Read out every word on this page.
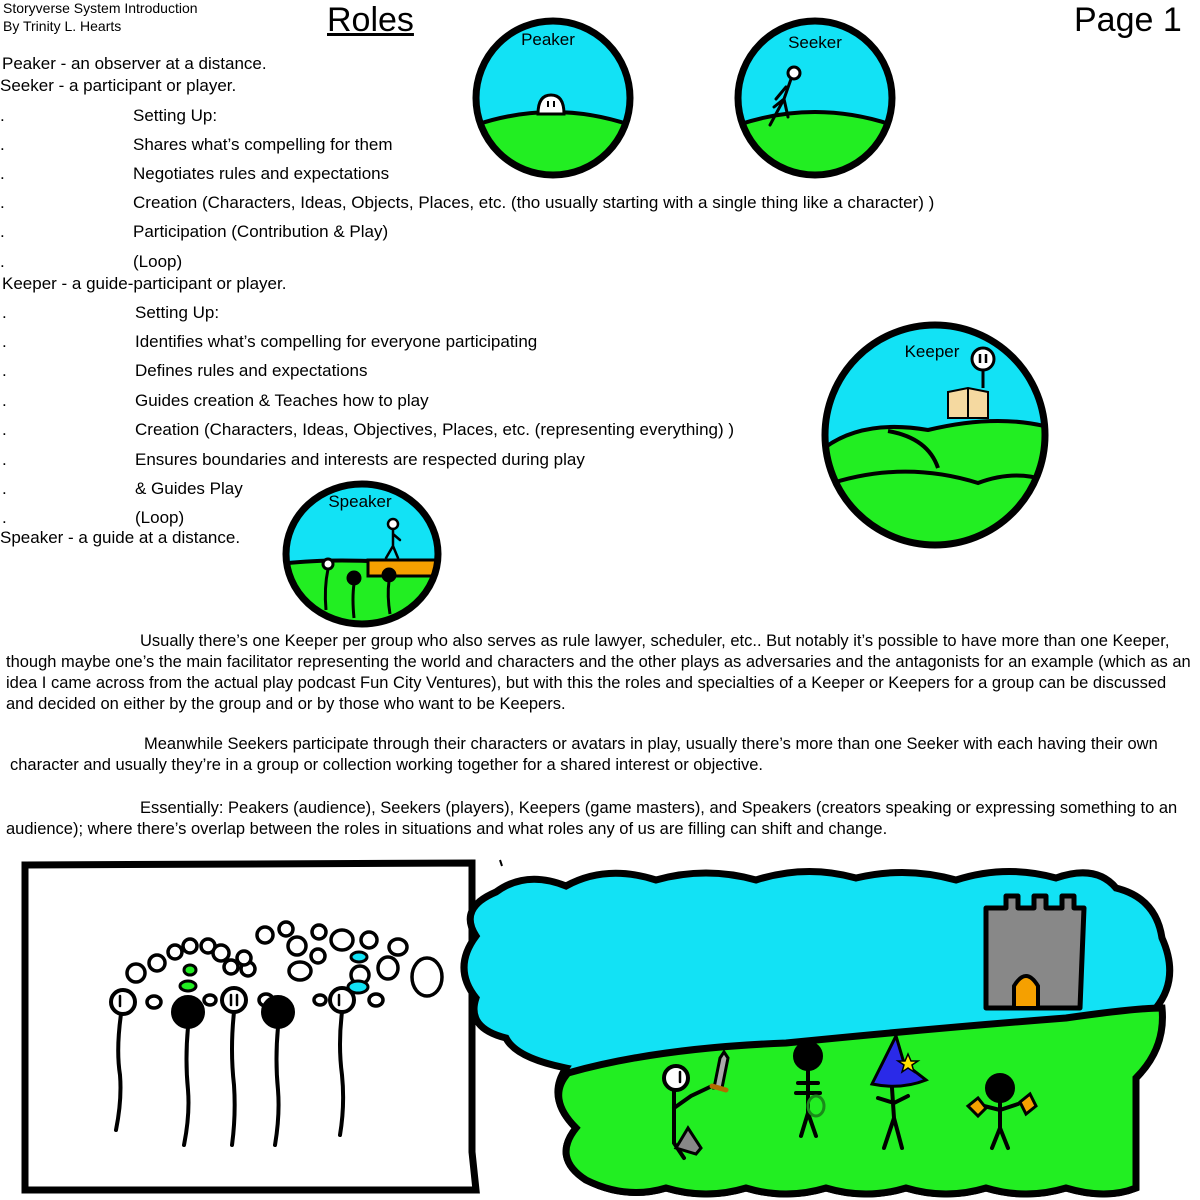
Storyverse System Introduction
By Trinity L. Hearts	Roles	Page 1
Peaker - an observer at a distance.
Seeker - a participant or player.
.	Setting Up:
.	Shares what’s compelling for them
.	Negotiates rules and expectations
.	Creation (Characters, Ideas, Objects, Places, etc. (tho usually starting with a single thing like a character) )
.	Participation (Contribution & Play)
.	(Loop)
Keeper - a guide-participant or player.
.	Setting Up:
.	Identifies what’s compelling for everyone participating
.	Defines rules and expectations
.	Guides creation & Teaches how to play
.	Creation (Characters, Ideas, Objectives, Places, etc. (representing everything) )
.	Ensures boundaries and interests are respected during play
.	& Guides Play
.	(Loop)
Speaker - a guide at a distance.
Peaker	Seeker
Keeper
Speaker
Usually there’s one Keeper per group who also serves as rule lawyer, scheduler, etc.. But notably it’s possible to have more than one Keeper, though maybe one’s the main facilitator representing the world and characters and the other plays as adversaries and the antagonists for an example (which as an idea I came across from the actual play podcast Fun City Ventures), but with this the roles and specialties of a Keeper or Keepers for a group can be discussed and decided on either by the group and or by those who want to be Keepers.
Meanwhile Seekers participate through their characters or avatars in play, usually there’s more than one Seeker with each having their own character and usually they’re in a group or collection working together for a shared interest or objective.
Essentially: Peakers (audience), Seekers (players), Keepers (game masters), and Speakers (creators speaking or expressing something to an audience); where there’s overlap between the roles in situations and what roles any of us are filling can shift and change.
